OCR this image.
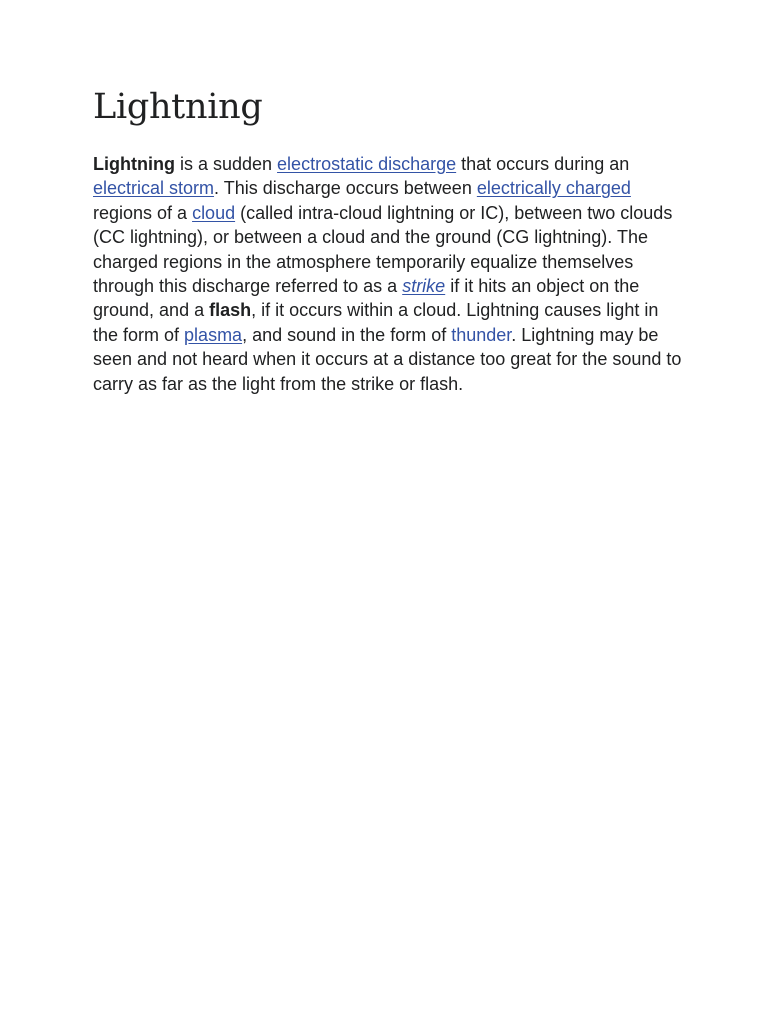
Lightning

Lightning is a sudden electrostatic discharge that occurs during an electrical storm. This discharge occurs between electrically charged regions of a cloud (called intra-cloud lightning or IC), between two clouds (CC lightning), or between a cloud and the ground (CG lightning). The charged regions in the atmosphere temporarily equalize themselves through this discharge referred to as a strike if it hits an object on the ground, and a flash, if it occurs within a cloud. Lightning causes light in the form of plasma, and sound in the form of thunder. Lightning may be seen and not heard when it occurs at a distance too great for the sound to carry as far as the light from the strike or flash.
